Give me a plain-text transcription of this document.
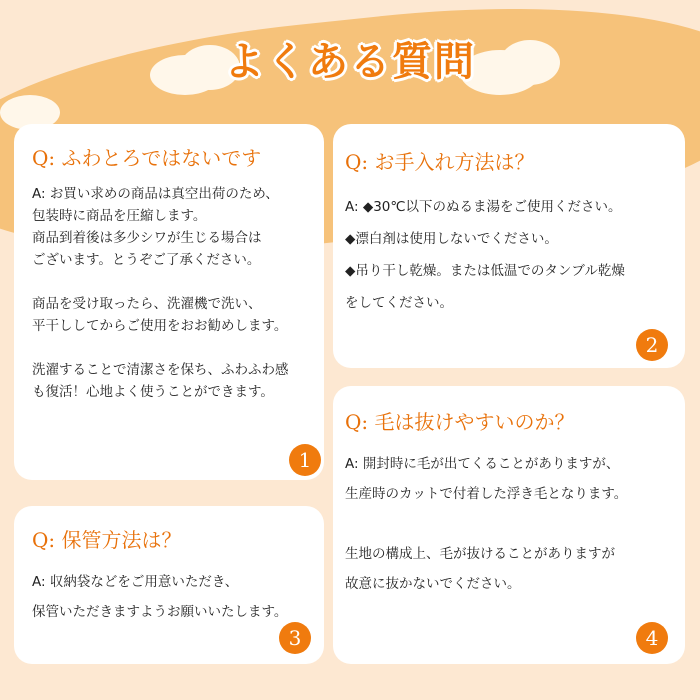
よくある質問

Q: ふわとろではないです

A: お買い求めの商品は真空出荷のため、

包装時に商品を圧縮します。

商品到着後は多少シワが生じる場合は

ございます。とうぞご了承ください。

商品を受け取ったら、洗濯機で洗い、

平干ししてからご使用をおお勧めします。

洗濯することで清潔さを保ち、ふわふわ感

も復活！心地よく使うことができます。

1

Q: お手入れ方法は？

A: ◆30℃以下のぬるま湯をご使用ください。

◆漂白剤は使用しないでください。

◆吊り干し乾燥。または低温でのタンブル乾燥

をしてください。

2

Q: 保管方法は？

A: 収納袋などをご用意いただき、

保管いただきますようお願いいたします。

3

Q: 毛は抜けやすいのか？

A: 開封時に毛が出てくることがありますが、

生産時のカットで付着した浮き毛となります。

生地の構成上、毛が抜けることがありますが

故意に抜かないでください。

4
